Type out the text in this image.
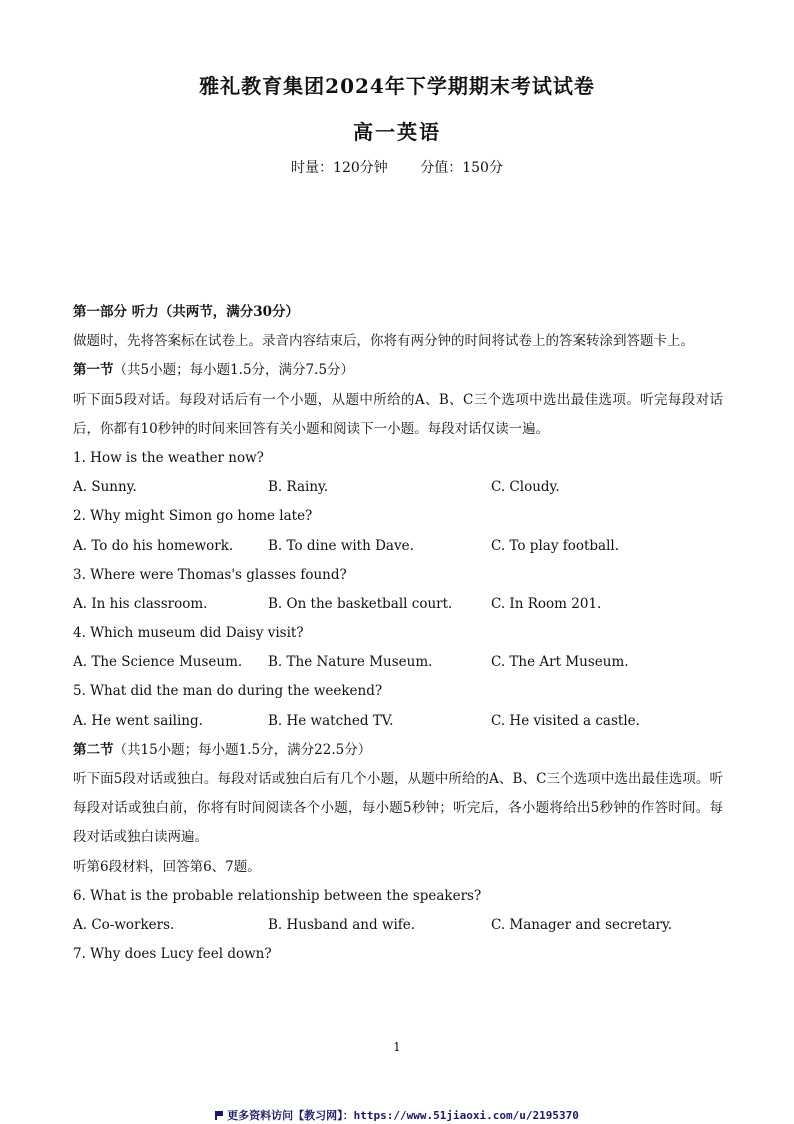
雅礼教育集团2024年下学期期末考试试卷
高一英语
时量：120分钟 分值：150分
第一部分 听力（共两节，满分30分）
做题时，先将答案标在试卷上。录音内容结束后，你将有两分钟的时间将试卷上的答案转涂到答题卡上。
第一节（共5小题；每小题1.5分，满分7.5分）
听下面5段对话。每段对话后有一个小题，从题中所给的A、B、C三个选项中选出最佳选项。听完每段对话后，你都有10秒钟的时间来回答有关小题和阅读下一小题。每段对话仅读一遍。
1. How is the weather now?
A. Sunny.	B. Rainy.	C. Cloudy.
2. Why might Simon go home late?
A. To do his homework.	B. To dine with Dave.	C. To play football.
3. Where were Thomas's glasses found?
A. In his classroom.	B. On the basketball court.	C. In Room 201.
4. Which museum did Daisy visit?
A. The Science Museum.	B. The Nature Museum.	C. The Art Museum.
5. What did the man do during the weekend?
A. He went sailing.	B. He watched TV.	C. He visited a castle.
第二节（共15小题；每小题1.5分，满分22.5分）
听下面5段对话或独白。每段对话或独白后有几个小题，从题中所给的A、B、C三个选项中选出最佳选项。听每段对话或独白前，你将有时间阅读各个小题，每小题5秒钟；听完后，各小题将给出5秒钟的作答时间。每段对话或独白读两遍。
听第6段材料，回答第6、7题。
6. What is the probable relationship between the speakers?
A. Co-workers.	B. Husband and wife.	C. Manager and secretary.
7. Why does Lucy feel down?
1
更多资料访问【教习网】：https://www.51jiaoxi.com/u/2195370
